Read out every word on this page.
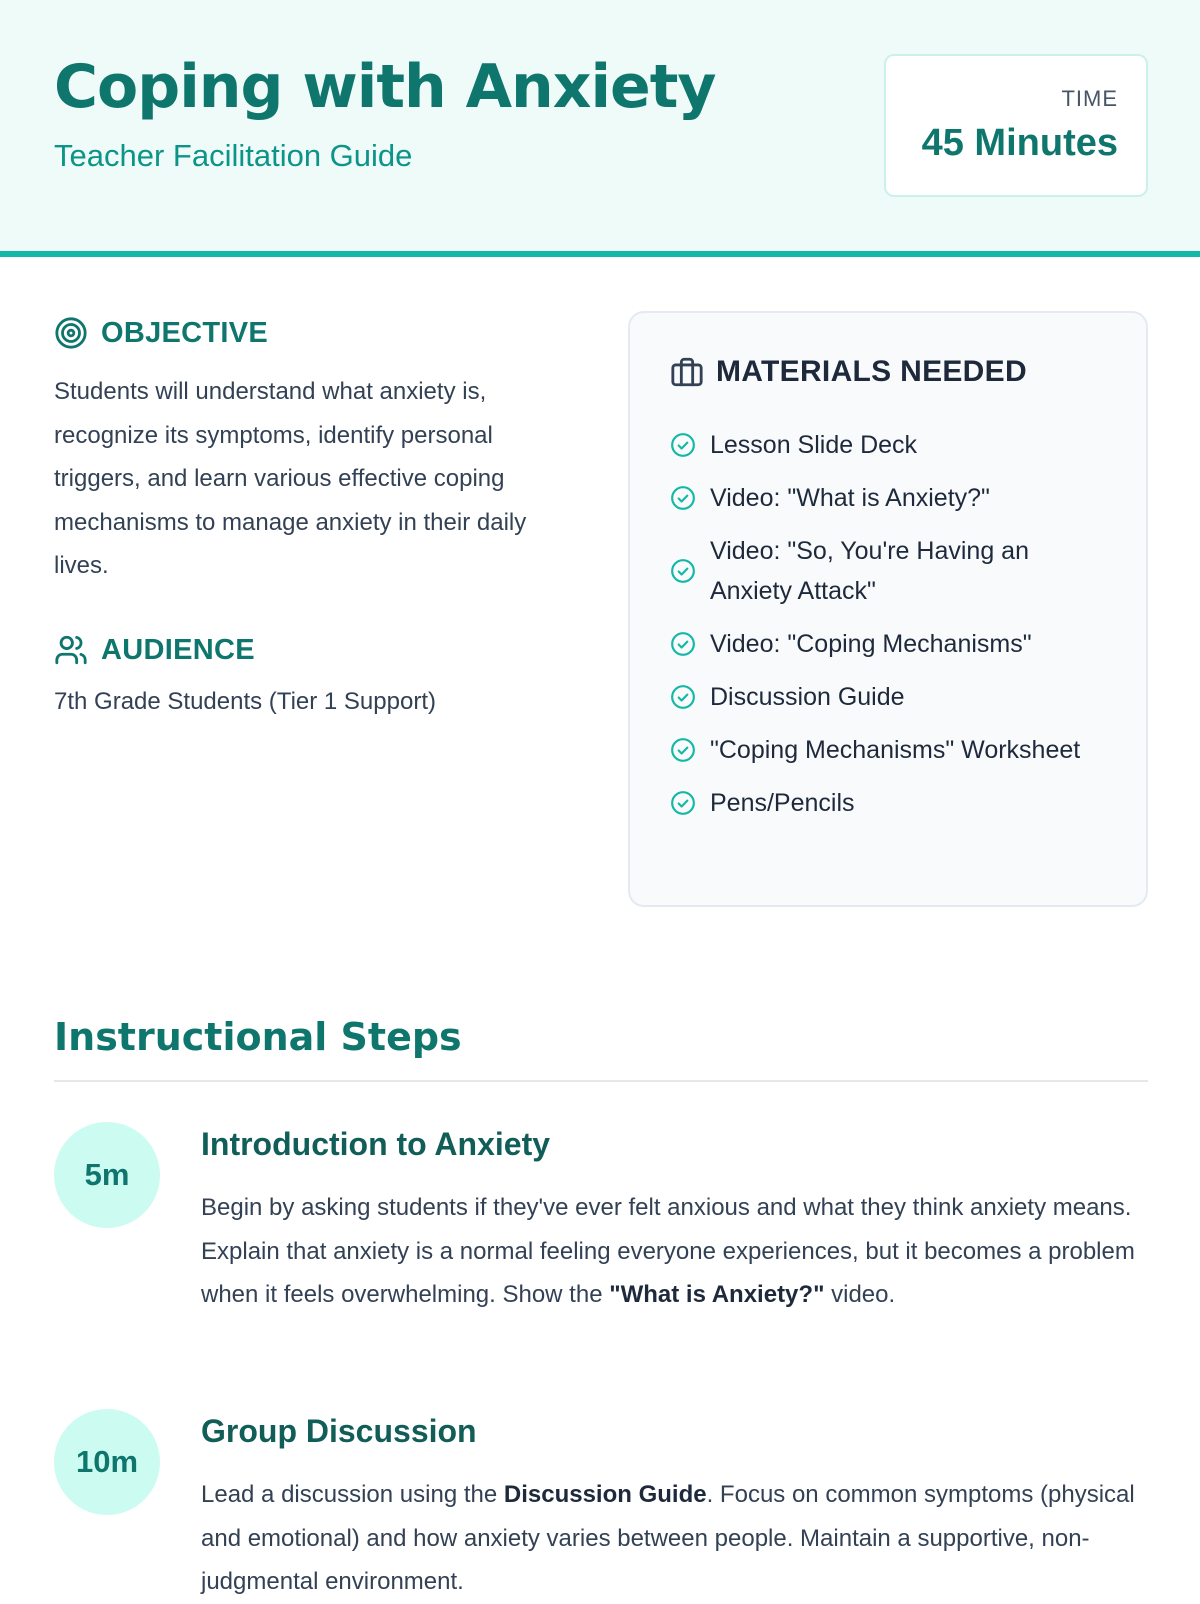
Coping with Anxiety
Teacher Facilitation Guide
TIME
45 Minutes
OBJECTIVE
Students will understand what anxiety is, recognize its symptoms, identify personal triggers, and learn various effective coping mechanisms to manage anxiety in their daily lives.
AUDIENCE
7th Grade Students (Tier 1 Support)
MATERIALS NEEDED
Lesson Slide Deck
Video: "What is Anxiety?"
Video: "So, You're Having an Anxiety Attack"
Video: "Coping Mechanisms"
Discussion Guide
"Coping Mechanisms" Worksheet
Pens/Pencils
Instructional Steps
5m
Introduction to Anxiety
Begin by asking students if they've ever felt anxious and what they think anxiety means. Explain that anxiety is a normal feeling everyone experiences, but it becomes a problem when it feels overwhelming. Show the "What is Anxiety?" video.
10m
Group Discussion
Lead a discussion using the Discussion Guide. Focus on common symptoms (physical and emotional) and how anxiety varies between people. Maintain a supportive, non-judgmental environment.
